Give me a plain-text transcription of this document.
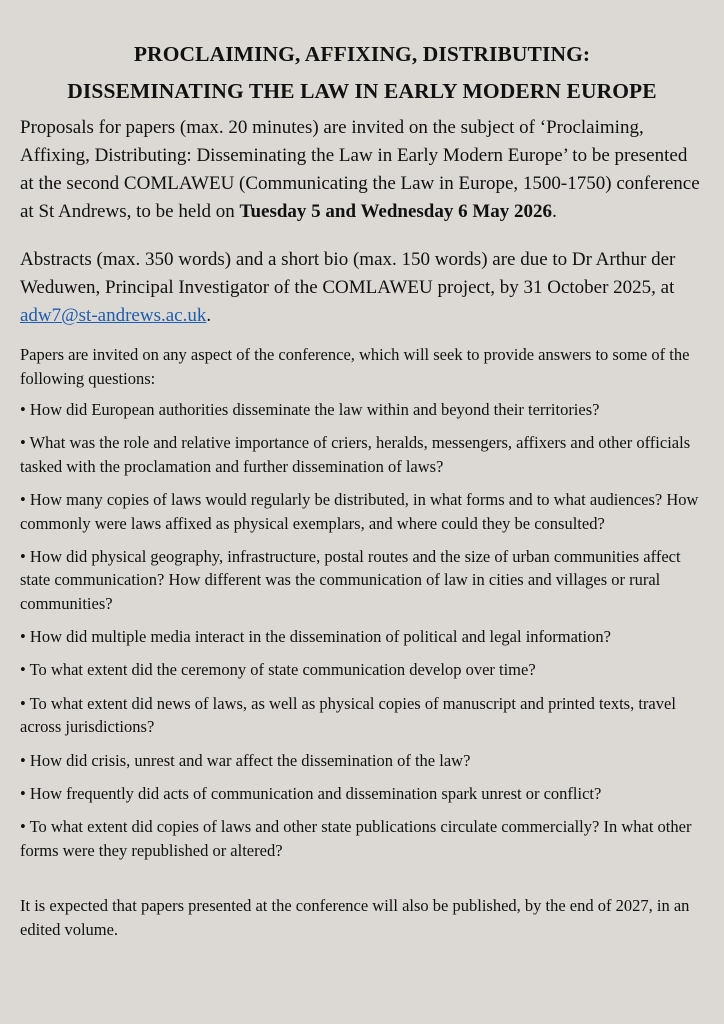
PROCLAIMING, AFFIXING, DISTRIBUTING:
DISSEMINATING THE LAW IN EARLY MODERN EUROPE

Proposals for papers (max. 20 minutes) are invited on the subject of ‘Proclaiming, Affixing, Distributing: Disseminating the Law in Early Modern Europe’ to be presented at the second COMLAWEU (Communicating the Law in Europe, 1500-1750) conference at St Andrews, to be held on Tuesday 5 and Wednesday 6 May 2026.

Abstracts (max. 350 words) and a short bio (max. 150 words) are due to Dr Arthur der Weduwen, Principal Investigator of the COMLAWEU project, by 31 October 2025, at adw7@st-andrews.ac.uk.

Papers are invited on any aspect of the conference, which will seek to provide answers to some of the following questions:

• How did European authorities disseminate the law within and beyond their territories?
• What was the role and relative importance of criers, heralds, messengers, affixers and other officials tasked with the proclamation and further dissemination of laws?
• How many copies of laws would regularly be distributed, in what forms and to what audiences? How commonly were laws affixed as physical exemplars, and where could they be consulted?
• How did physical geography, infrastructure, postal routes and the size of urban communities affect state communication? How different was the communication of law in cities and villages or rural communities?
• How did multiple media interact in the dissemination of political and legal information?
• To what extent did the ceremony of state communication develop over time?
• To what extent did news of laws, as well as physical copies of manuscript and printed texts, travel across jurisdictions?
• How did crisis, unrest and war affect the dissemination of the law?
• How frequently did acts of communication and dissemination spark unrest or conflict?
• To what extent did copies of laws and other state publications circulate commercially? In what other forms were they republished or altered?

It is expected that papers presented at the conference will also be published, by the end of 2027, in an edited volume.
